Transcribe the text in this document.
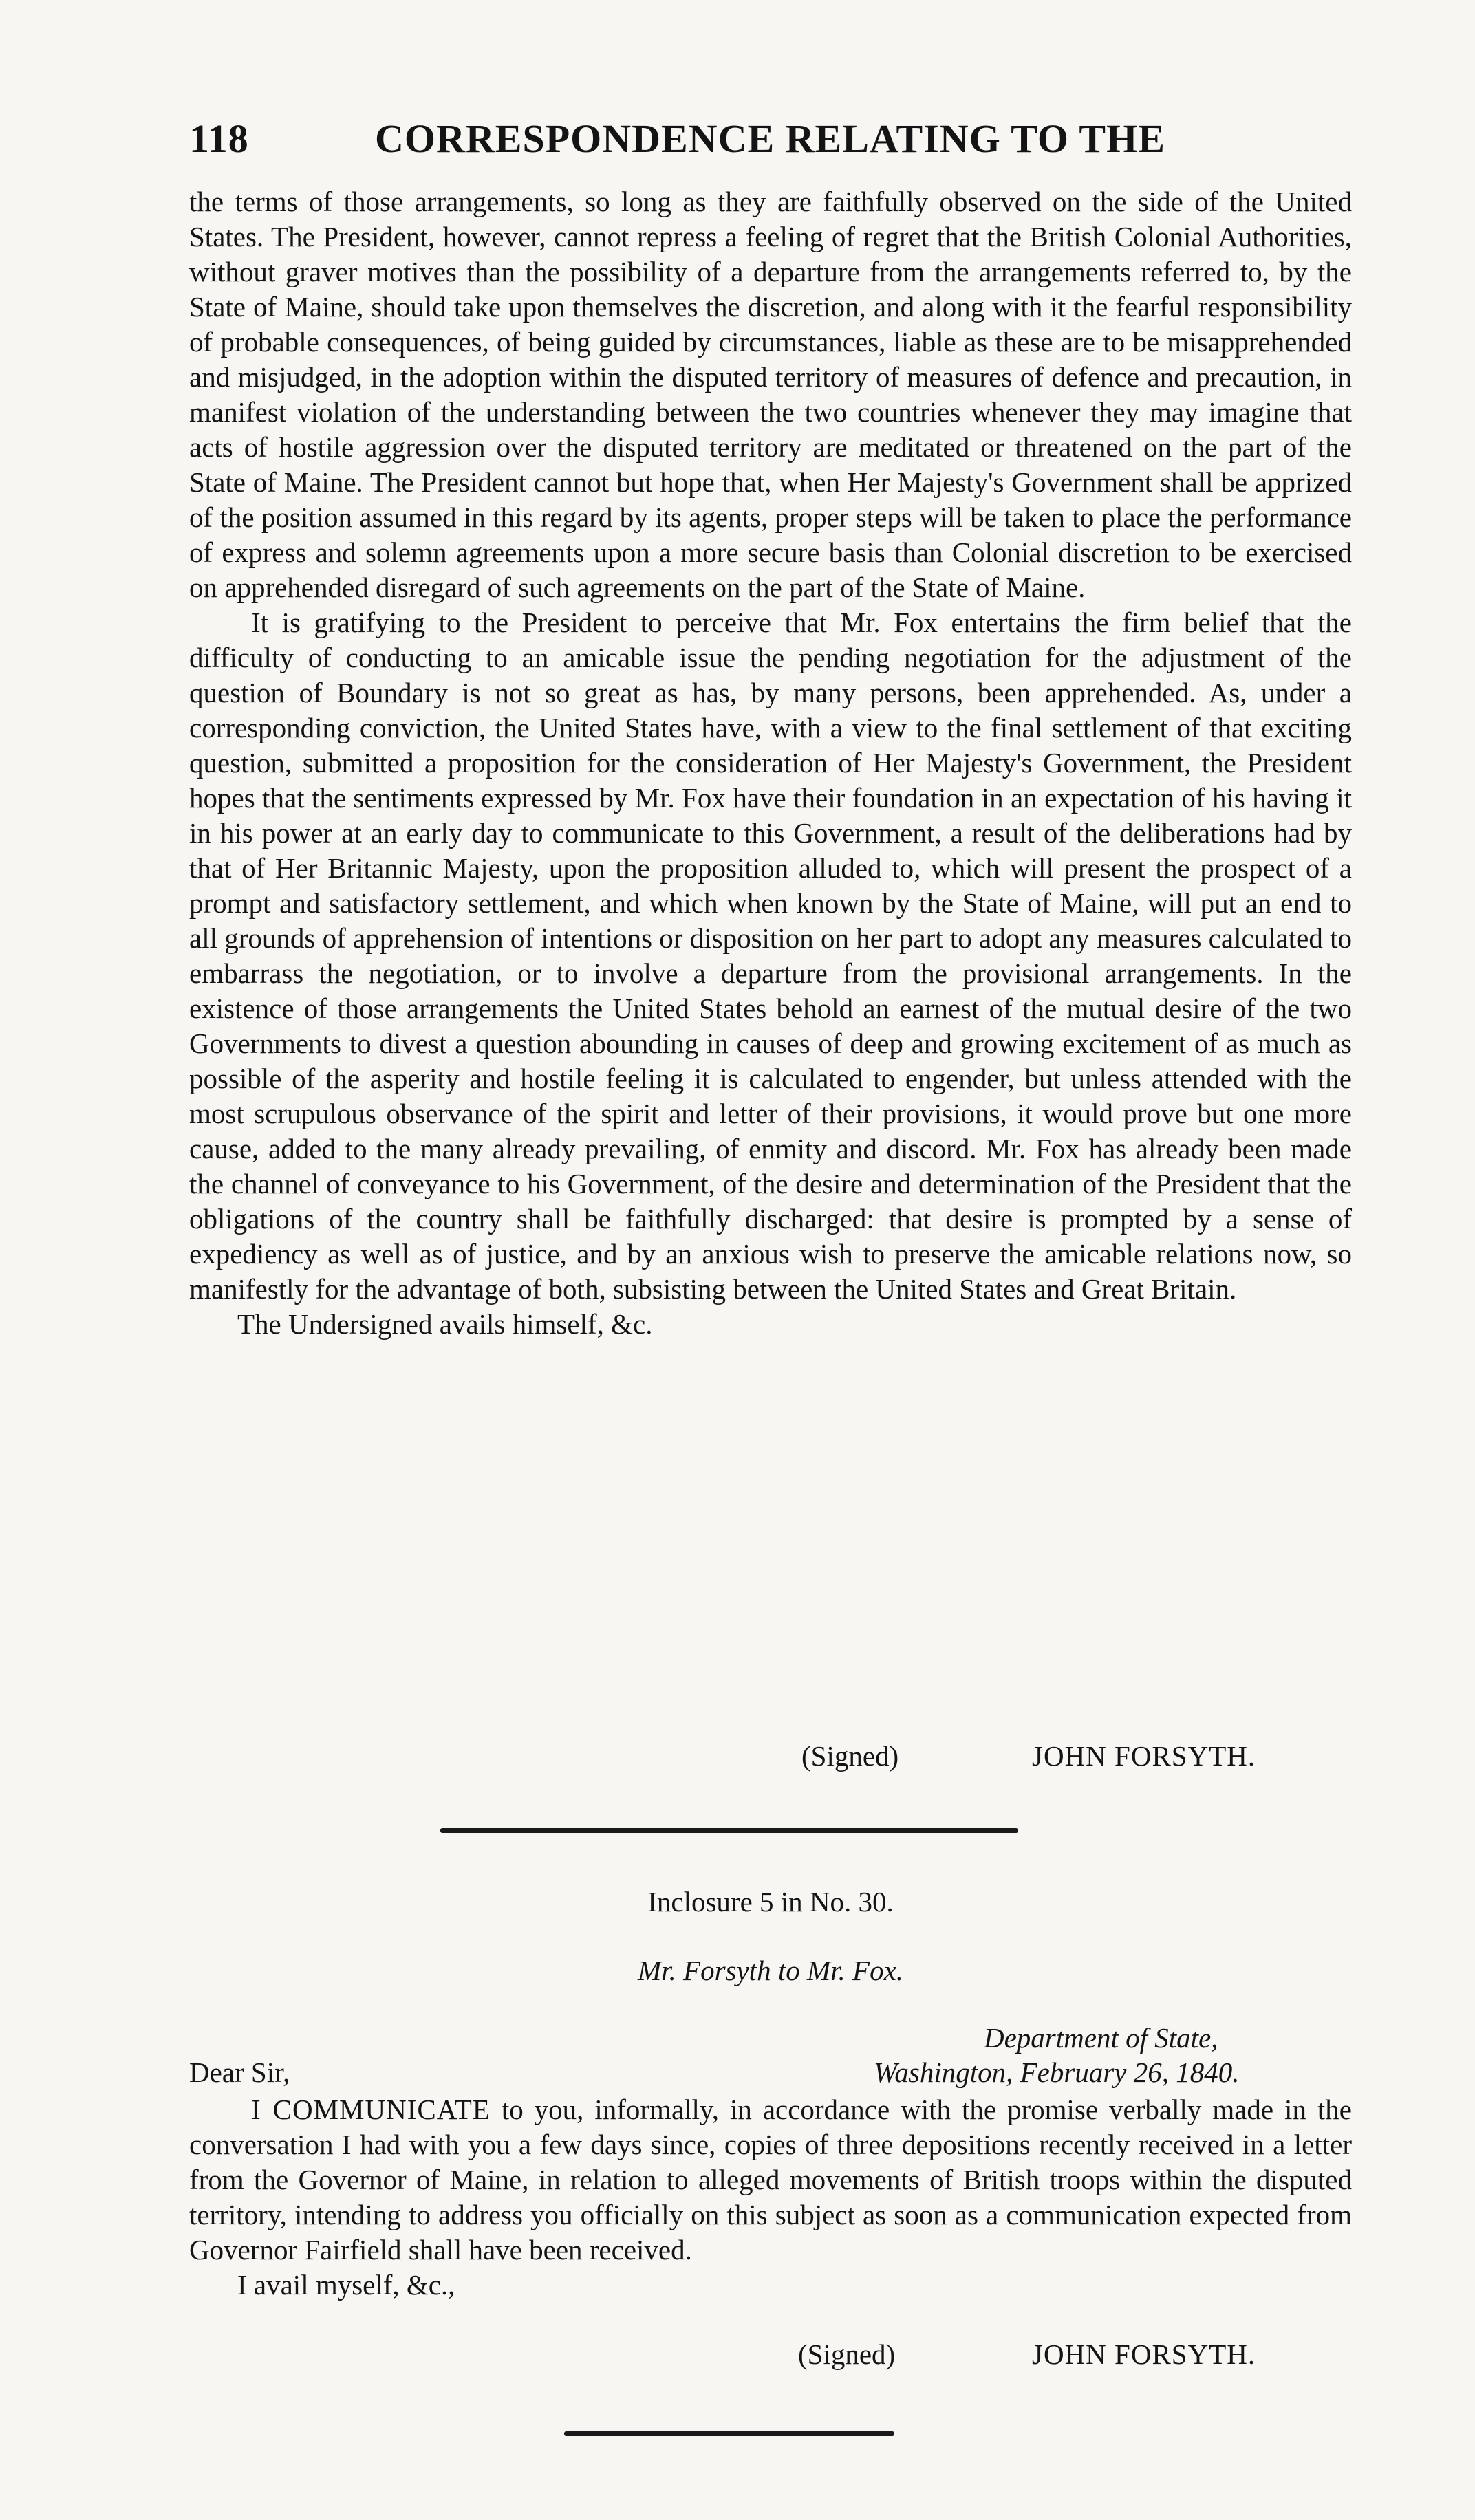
118	CORRESPONDENCE RELATING TO THE

the terms of those arrangements, so long as they are faithfully observed on the side of the United States. The President, however, cannot repress a feeling of regret that the British Colonial Authorities, without graver motives than the possibility of a departure from the arrangements referred to, by the State of Maine, should take upon themselves the discretion, and along with it the fearful responsibility of probable consequences, of being guided by circumstances, liable as these are to be misapprehended and misjudged, in the adoption within the disputed territory of measures of defence and precaution, in manifest violation of the understanding between the two countries whenever they may imagine that acts of hostile aggression over the disputed territory are meditated or threatened on the part of the State of Maine. The President cannot but hope that, when Her Majesty's Government shall be apprized of the position assumed in this regard by its agents, proper steps will be taken to place the performance of express and solemn agreements upon a more secure basis than Colonial discretion to be exercised on apprehended disregard of such agreements on the part of the State of Maine.

It is gratifying to the President to perceive that Mr. Fox entertains the firm belief that the difficulty of conducting to an amicable issue the pending negotiation for the adjustment of the question of Boundary is not so great as has, by many persons, been apprehended. As, under a corresponding conviction, the United States have, with a view to the final settlement of that exciting question, submitted a proposition for the consideration of Her Majesty's Government, the President hopes that the sentiments expressed by Mr. Fox have their foundation in an expectation of his having it in his power at an early day to communicate to this Government, a result of the deliberations had by that of Her Britannic Majesty, upon the proposition alluded to, which will present the prospect of a prompt and satisfactory settlement, and which when known by the State of Maine, will put an end to all grounds of apprehension of intentions or disposition on her part to adopt any measures calculated to embarrass the negotiation, or to involve a departure from the provisional arrangements. In the existence of those arrangements the United States behold an earnest of the mutual desire of the two Governments to divest a question abounding in causes of deep and growing excitement of as much as possible of the asperity and hostile feeling it is calculated to engender, but unless attended with the most scrupulous observance of the spirit and letter of their provisions, it would prove but one more cause, added to the many already prevailing, of enmity and discord. Mr. Fox has already been made the channel of conveyance to his Government, of the desire and determination of the President that the obligations of the country shall be faithfully discharged: that desire is prompted by a sense of expediency as well as of justice, and by an anxious wish to preserve the amicable relations now, so manifestly for the advantage of both, subsisting between the United States and Great Britain.

The Undersigned avails himself, &c.

(Signed)	JOHN FORSYTH.
Inclosure 5 in No. 30.
Mr. Forsyth to Mr. Fox.
Department of State,
Dear Sir,	Washington, February 26, 1840.

I COMMUNICATE to you, informally, in accordance with the promise verbally made in the conversation I had with you a few days since, copies of three depositions recently received in a letter from the Governor of Maine, in relation to alleged movements of British troops within the disputed territory, intending to address you officially on this subject as soon as a communication expected from Governor Fairfield shall have been received.

I avail myself, &c.,

(Signed)	JOHN FORSYTH.
